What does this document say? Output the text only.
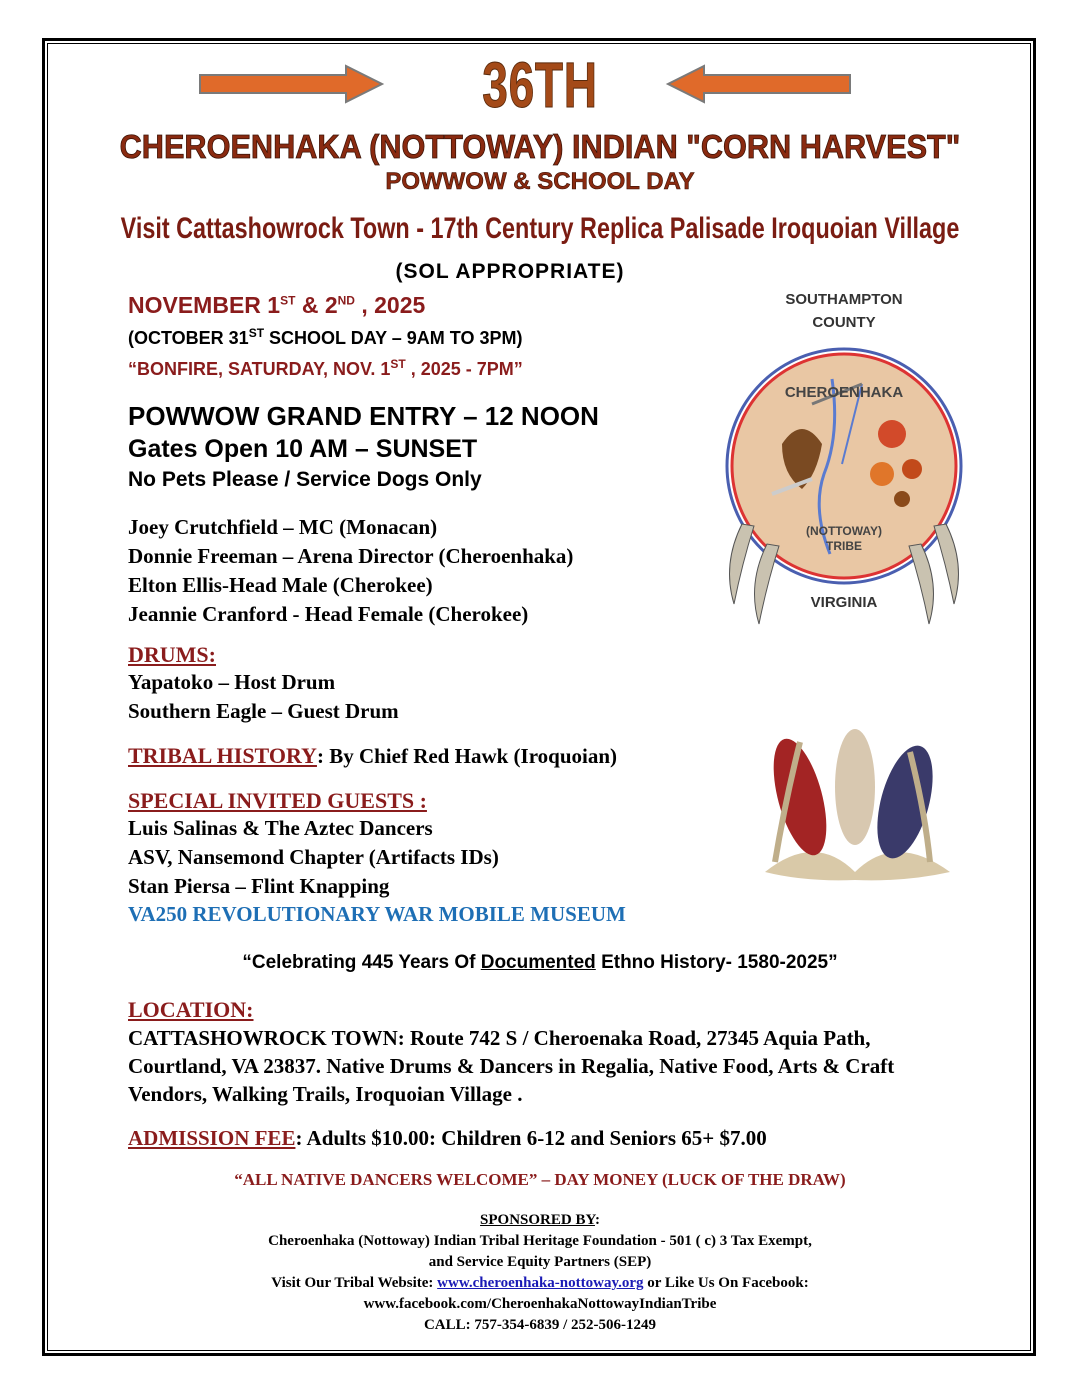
36TH
CHEROENHAKA (NOTTOWAY) INDIAN "CORN HARVEST"
POWWOW & SCHOOL DAY
Visit Cattashowrock Town - 17th Century Replica Palisade Iroquoian Village
(SOL APPROPRIATE)
NOVEMBER 1ST & 2ND , 2025
(OCTOBER 31ST SCHOOL DAY – 9AM TO 3PM)
“BONFIRE, SATURDAY, NOV. 1ST , 2025 - 7PM”
POWWOW GRAND ENTRY – 12 NOON
Gates Open 10 AM – SUNSET
No Pets Please / Service Dogs Only
Joey Crutchfield – MC (Monacan)
Donnie Freeman – Arena Director (Cheroenhaka)
Elton Ellis-Head Male (Cherokee)
Jeannie Cranford - Head Female (Cherokee)
DRUMS:
Yapatoko – Host Drum
Southern Eagle – Guest Drum
TRIBAL HISTORY: By Chief Red Hawk (Iroquoian)
SPECIAL INVITED GUESTS :
Luis Salinas & The Aztec Dancers
ASV, Nansemond Chapter (Artifacts IDs)
Stan Piersa – Flint Knapping
VA250 REVOLUTIONARY WAR MOBILE MUSEUM
“Celebrating 445 Years Of Documented Ethno History- 1580-2025”
LOCATION:
CATTASHOWROCK TOWN: Route 742 S / Cheroenaka Road, 27345 Aquia Path, Courtland, VA 23837. Native Drums & Dancers in Regalia, Native Food, Arts & Craft Vendors, Walking Trails, Iroquoian Village .
ADMISSION FEE: Adults $10.00: Children 6-12 and Seniors 65+ $7.00
“ALL NATIVE DANCERS WELCOME” – DAY MONEY (LUCK OF THE DRAW)
SPONSORED BY:
Cheroenhaka (Nottoway) Indian Tribal Heritage Foundation - 501 ( c) 3 Tax Exempt,
and Service Equity Partners (SEP)
Visit Our Tribal Website: www.cheroenhaka-nottoway.org or Like Us On Facebook:
www.facebook.com/CheroenhakaNottowayIndianTribe
CALL: 757-354-6839 / 252-506-1249
SOUTHAMPTON
COUNTY
CHEROENHAKA
(NOTTOWAY)
TRIBE
VIRGINIA
